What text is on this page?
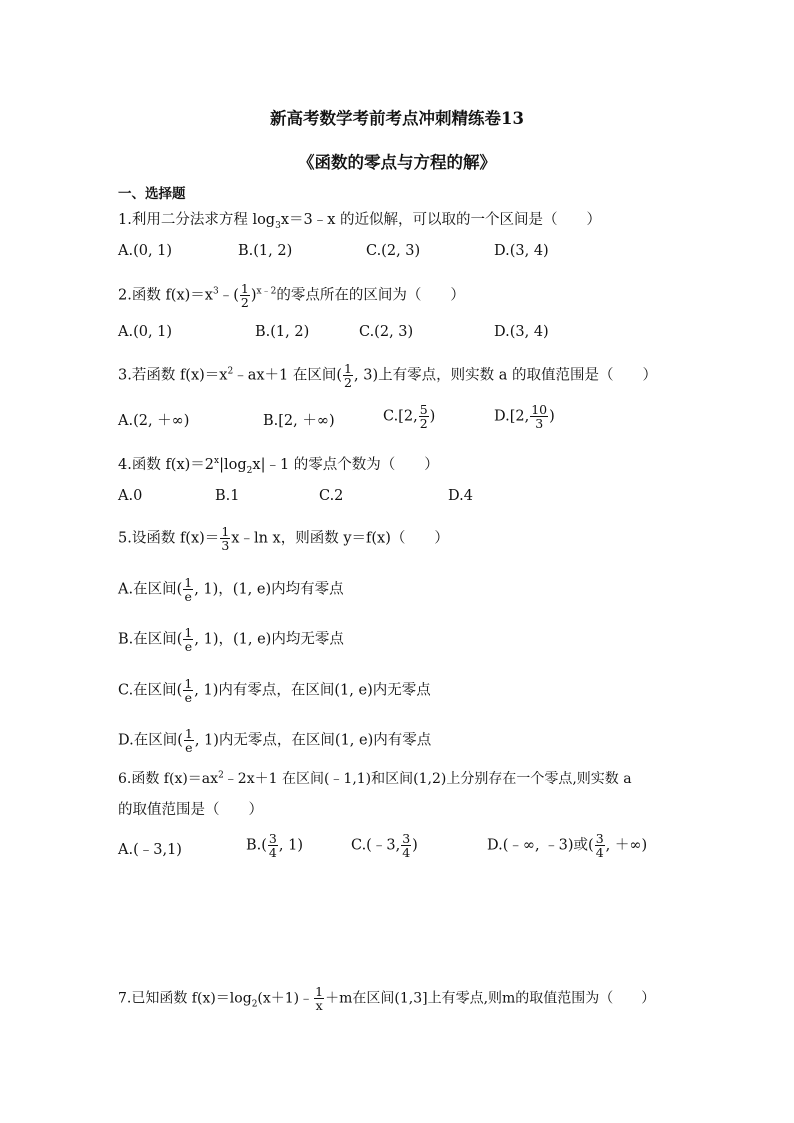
新高考数学考前考点冲刺精练卷13
《函数的零点与方程的解》
一、选择题
1.利用二分法求方程 $\log_3x=3﹣x$ 的近似解，可以取的一个区间是（　　）
A.(0, 1)	B.(1, 2)	C.(2, 3)	D.(3, 4)
2.函数 $f(x)=x^3﹣( \frac{1}{2} )^{x﹣2}$的零点所在的区间为（　　）
A.(0, 1)	B.(1, 2)	C.(2, 3)	D.(3, 4)
3.若函数 $f(x)=x^2﹣ax+1$ 在区间( $\frac{1}{2}$ , 3)上有零点，则实数 a 的取值范围是（　　）
A.(2, ＋∞)	B.[2, ＋∞)	C.[2, $\frac{5}{2}$ )	D.[2, $\frac{10}{3}$ )
4.函数 $f(x)=2^x|\log_2x|﹣1$ 的零点个数为（　　）
A.0	B.1	C.2	D.4
5.设函数 $f(x)= \frac{1}{3}$ x﹣ln x，则函数 y＝f(x)（　　）
A.在区间( $\frac{1}{e}$ , 1)，(1, e)内均有零点
B.在区间( $\frac{1}{e}$ , 1)，(1, e)内均无零点
C.在区间( $\frac{1}{e}$ , 1)内有零点，在区间(1, e)内无零点
D.在区间( $\frac{1}{e}$ , 1)内无零点，在区间(1, e)内有零点
6.函数 $f(x)=ax^2﹣2x+1$ 在区间(﹣1,1)和区间(1,2)上分别存在一个零点,则实数 a
的取值范围是（　　）
A.(﹣3,1)	$B.( \frac{3}{4}$ , 1)	C.(﹣3, $\frac{3}{4}$ )	D.(﹣∞, ﹣3)或( $\frac{3}{4}$ , ＋∞)
7.已知函数 $f(x)=\log_2(x+1)﹣ \frac{1}{x} +m$在区间(1,3]上有零点,则m的取值范围为（　　）
